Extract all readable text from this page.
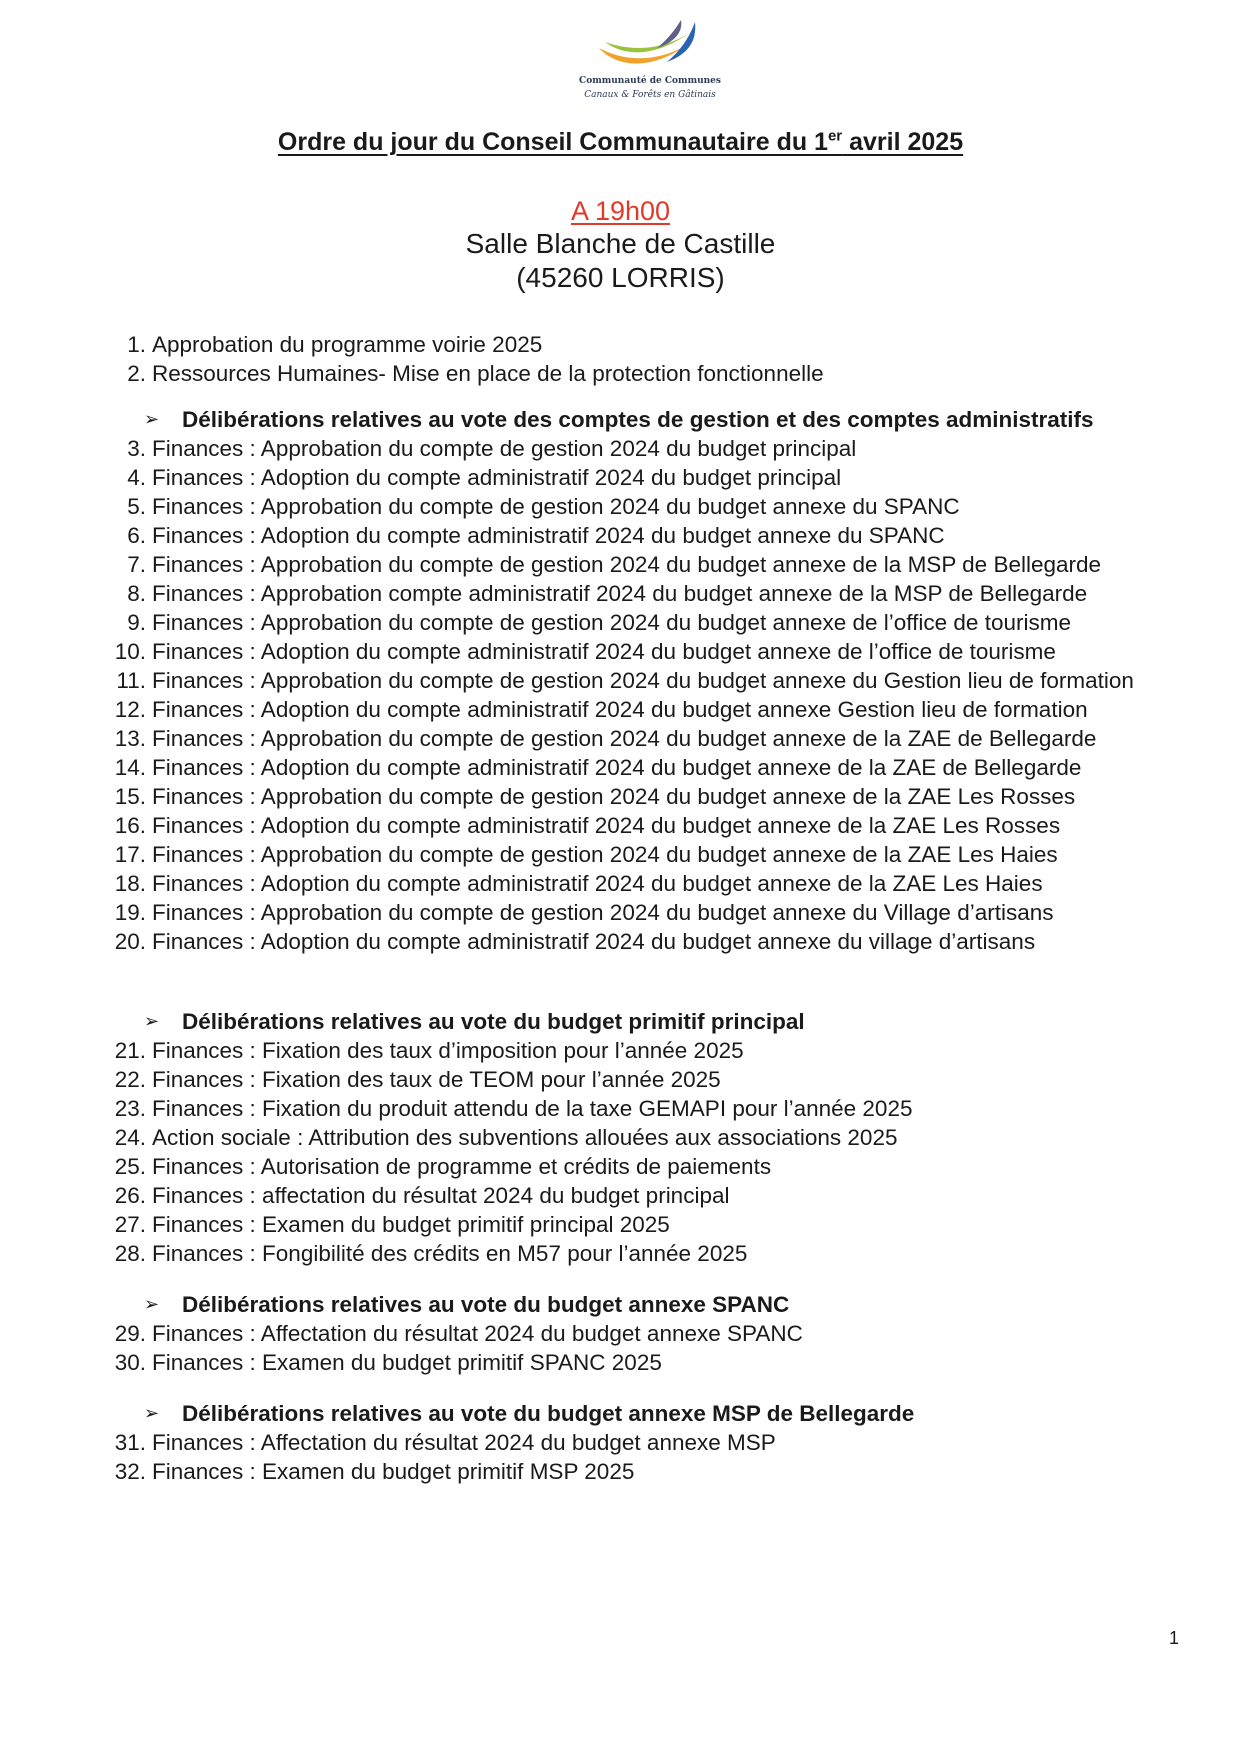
Communauté de Communes
Canaux & Forêts en Gâtinais
Ordre du jour du Conseil Communautaire du 1er avril 2025
A 19h00
Salle Blanche de Castille
(45260 LORRIS)
1. Approbation du programme voirie 2025
2. Ressources Humaines- Mise en place de la protection fonctionnelle
➢	Délibérations relatives au vote des comptes de gestion et des comptes administratifs
3. Finances : Approbation du compte de gestion 2024 du budget principal
4. Finances : Adoption du compte administratif 2024 du budget principal
5. Finances : Approbation du compte de gestion 2024 du budget annexe du SPANC
6. Finances : Adoption du compte administratif 2024 du budget annexe du SPANC
7. Finances : Approbation du compte de gestion 2024 du budget annexe de la MSP de Bellegarde
8. Finances : Approbation compte administratif 2024 du budget annexe de la MSP de Bellegarde
9. Finances : Approbation du compte de gestion 2024 du budget annexe de l’office de tourisme
10. Finances : Adoption du compte administratif 2024 du budget annexe de l’office de tourisme
11. Finances : Approbation du compte de gestion 2024 du budget annexe du Gestion lieu de formation
12. Finances : Adoption du compte administratif 2024 du budget annexe Gestion lieu de formation
13. Finances : Approbation du compte de gestion 2024 du budget annexe de la ZAE de Bellegarde
14. Finances : Adoption du compte administratif 2024 du budget annexe de la ZAE de Bellegarde
15. Finances : Approbation du compte de gestion 2024 du budget annexe de la ZAE Les Rosses
16. Finances : Adoption du compte administratif 2024 du budget annexe de la ZAE Les Rosses
17. Finances : Approbation du compte de gestion 2024 du budget annexe de la ZAE Les Haies
18. Finances : Adoption du compte administratif 2024 du budget annexe de la ZAE Les Haies
19. Finances : Approbation du compte de gestion 2024 du budget annexe du Village d’artisans
20. Finances : Adoption du compte administratif 2024 du budget annexe du village d’artisans
➢	Délibérations relatives au vote du budget primitif principal
21. Finances : Fixation des taux d’imposition pour l’année 2025
22. Finances : Fixation des taux de TEOM pour l’année 2025
23. Finances : Fixation du produit attendu de la taxe GEMAPI pour l’année 2025
24. Action sociale : Attribution des subventions allouées aux associations 2025
25. Finances : Autorisation de programme et crédits de paiements
26. Finances : affectation du résultat 2024 du budget principal
27. Finances : Examen du budget primitif principal 2025
28. Finances : Fongibilité des crédits en M57 pour l’année 2025
➢	Délibérations relatives au vote du budget annexe SPANC
29. Finances : Affectation du résultat 2024 du budget annexe SPANC
30. Finances : Examen du budget primitif SPANC 2025
➢	Délibérations relatives au vote du budget annexe MSP de Bellegarde
31. Finances : Affectation du résultat 2024 du budget annexe MSP
32. Finances : Examen du budget primitif MSP 2025
1
